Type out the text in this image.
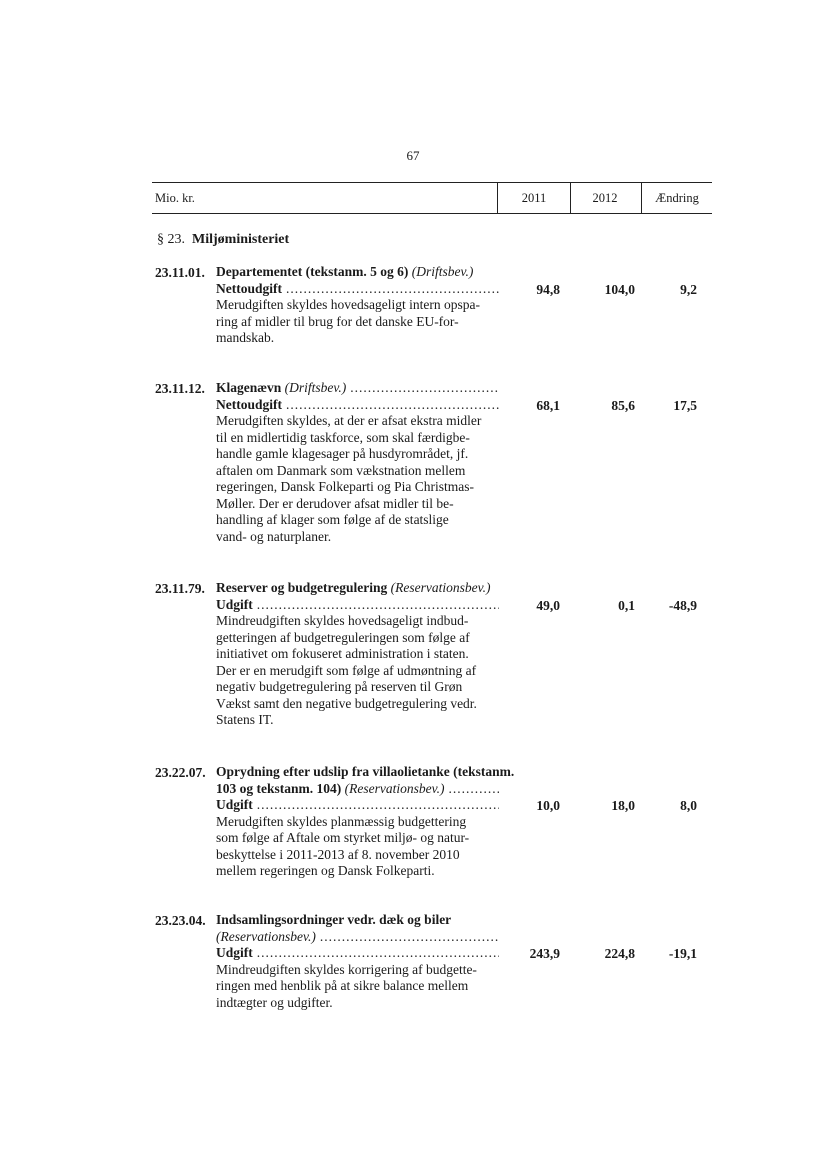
67
Mio. kr.	2011	2012	Ændring
§ 23. Miljøministeriet
23.11.01. Departementet (tekstanm. 5 og 6) (Driftsbev.)
Nettoudgift
.....
Merudgiften skyldes hovedsageligt intern opspa-
ring af midler til brug for det danske EU-for-
mandskab.
94,8	104,0	9,2
23.11.12. Klagenævn
(Driftsbev.)
.....
Nettoudgift
.....
Merudgiften skyldes, at der er afsat ekstra midler
til en midlertidig taskforce, som skal færdigbe-
handle gamle klagesager på husdyrområdet, jf.
aftalen om Danmark som vækstnation mellem
regeringen, Dansk Folkeparti og Pia Christmas-
Møller. Der er derudover afsat midler til be-
handling af klager som følge af de statslige
vand- og naturplaner.
68,1	85,6	17,5
23.11.79. Reserver og budgetregulering (Reservationsbev.)
Udgift
.....
Mindreudgiften skyldes hovedsageligt indbud-
getteringen af budgetreguleringen som følge af
initiativet om fokuseret administration i staten.
Der er en merudgift som følge af udmøntning af
negativ budgetregulering på reserven til Grøn
Vækst samt den negative budgetregulering vedr.
Statens IT.
49,0	0,1	-48,9
23.22.07. Oprydning efter udslip fra villaolietanke (tekstanm.
103 og tekstanm. 104)
(Reservationsbev.)
.....
Udgift
.....
Merudgiften skyldes planmæssig budgettering
som følge af Aftale om styrket miljø- og natur-
beskyttelse i 2011-2013 af 8. november 2010
mellem regeringen og Dansk Folkeparti.
10,0	18,0	8,0
23.23.04. Indsamlingsordninger vedr. dæk og biler
(Reservationsbev.)
.....
Udgift
.....
Mindreudgiften skyldes korrigering af budgette-
ringen med henblik på at sikre balance mellem
indtægter og udgifter.
243,9	224,8	-19,1
